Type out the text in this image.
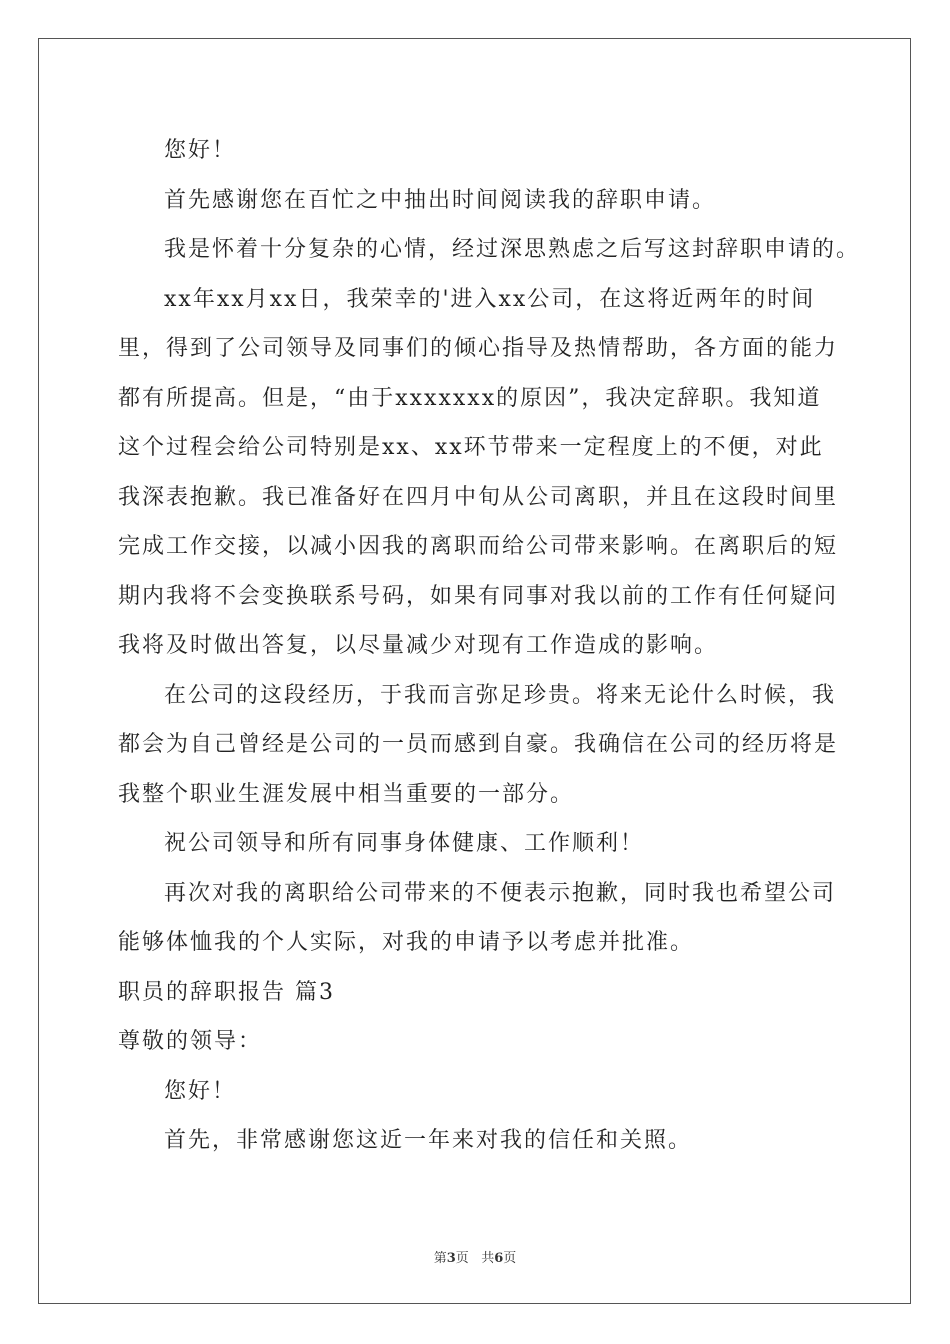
您好！
首先感谢您在百忙之中抽出时间阅读我的辞职申请。
我是怀着十分复杂的心情，经过深思熟虑之后写这封辞职申请的。
xx年xx月xx日，我荣幸的'进入xx公司，在这将近两年的时间
里，得到了公司领导及同事们的倾心指导及热情帮助，各方面的能力
都有所提高。但是，“由于xxxxxxx的原因”，我决定辞职。我知道
这个过程会给公司特别是xx、xx环节带来一定程度上的不便，对此
我深表抱歉。我已准备好在四月中旬从公司离职，并且在这段时间里
完成工作交接，以减小因我的离职而给公司带来影响。在离职后的短
期内我将不会变换联系号码，如果有同事对我以前的工作有任何疑问
我将及时做出答复，以尽量减少对现有工作造成的影响。
在公司的这段经历，于我而言弥足珍贵。将来无论什么时候，我
都会为自己曾经是公司的一员而感到自豪。我确信在公司的经历将是
我整个职业生涯发展中相当重要的一部分。
祝公司领导和所有同事身体健康、工作顺利！
再次对我的离职给公司带来的不便表示抱歉，同时我也希望公司
能够体恤我的个人实际，对我的申请予以考虑并批准。
职员的辞职报告 篇3
尊敬的领导：
您好！
首先，非常感谢您这近一年来对我的信任和关照。
第3页 共6页
